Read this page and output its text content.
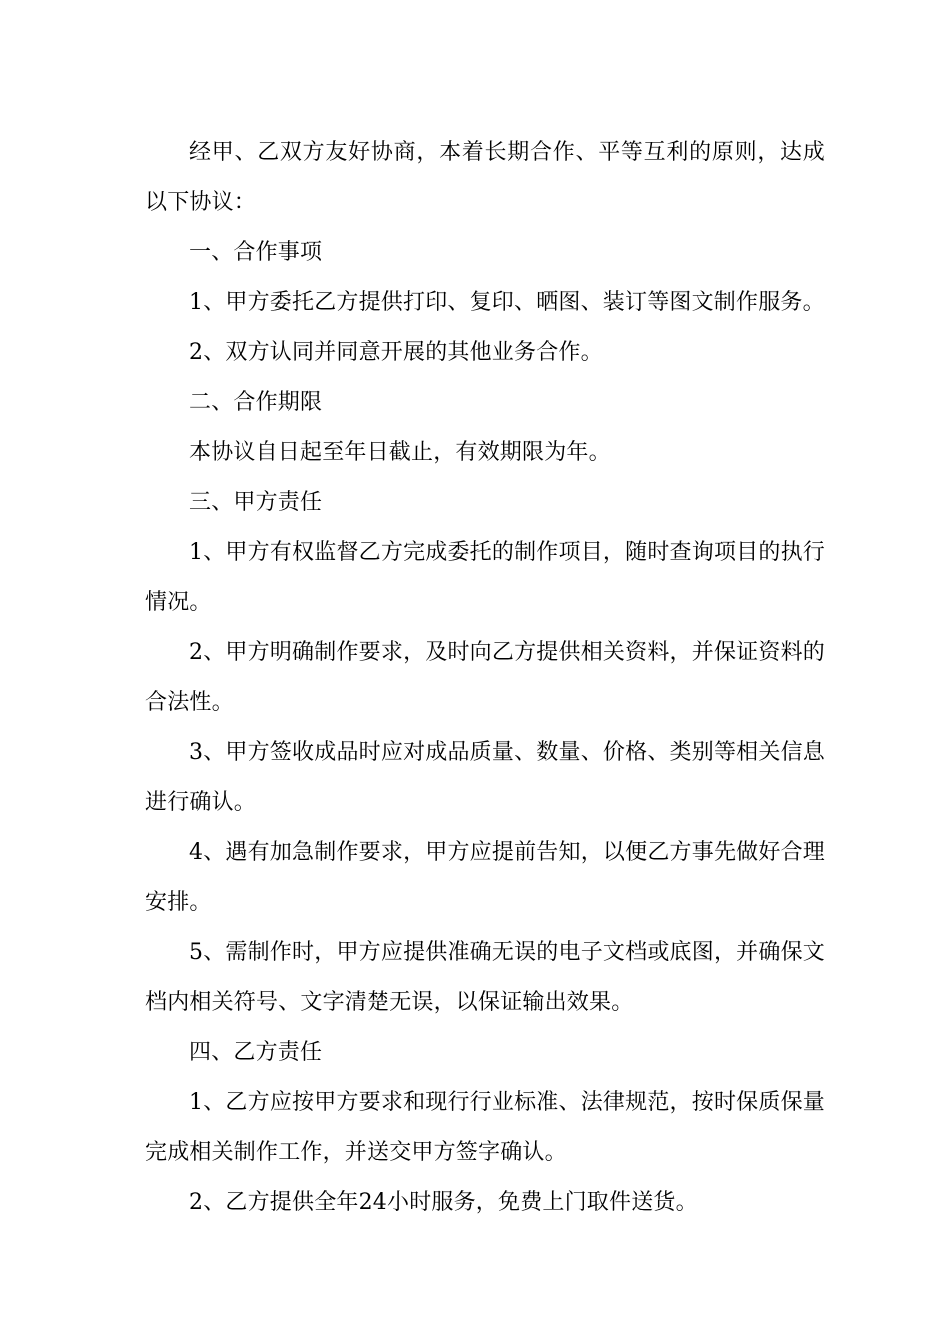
经甲、乙双方友好协商，本着长期合作、平等互利的原则，达成以下协议：

一、合作事项

1、甲方委托乙方提供打印、复印、晒图、装订等图文制作服务。

2、双方认同并同意开展的其他业务合作。

二、合作期限

本协议自日起至年日截止，有效期限为年。

三、甲方责任

1、甲方有权监督乙方完成委托的制作项目，随时查询项目的执行情况。

2、甲方明确制作要求，及时向乙方提供相关资料，并保证资料的合法性。

3、甲方签收成品时应对成品质量、数量、价格、类别等相关信息进行确认。

4、遇有加急制作要求，甲方应提前告知，以便乙方事先做好合理安排。

5、需制作时，甲方应提供准确无误的电子文档或底图，并确保文档内相关符号、文字清楚无误，以保证输出效果。

四、乙方责任

1、乙方应按甲方要求和现行行业标准、法律规范，按时保质保量完成相关制作工作，并送交甲方签字确认。

2、乙方提供全年24小时服务，免费上门取件送货。
